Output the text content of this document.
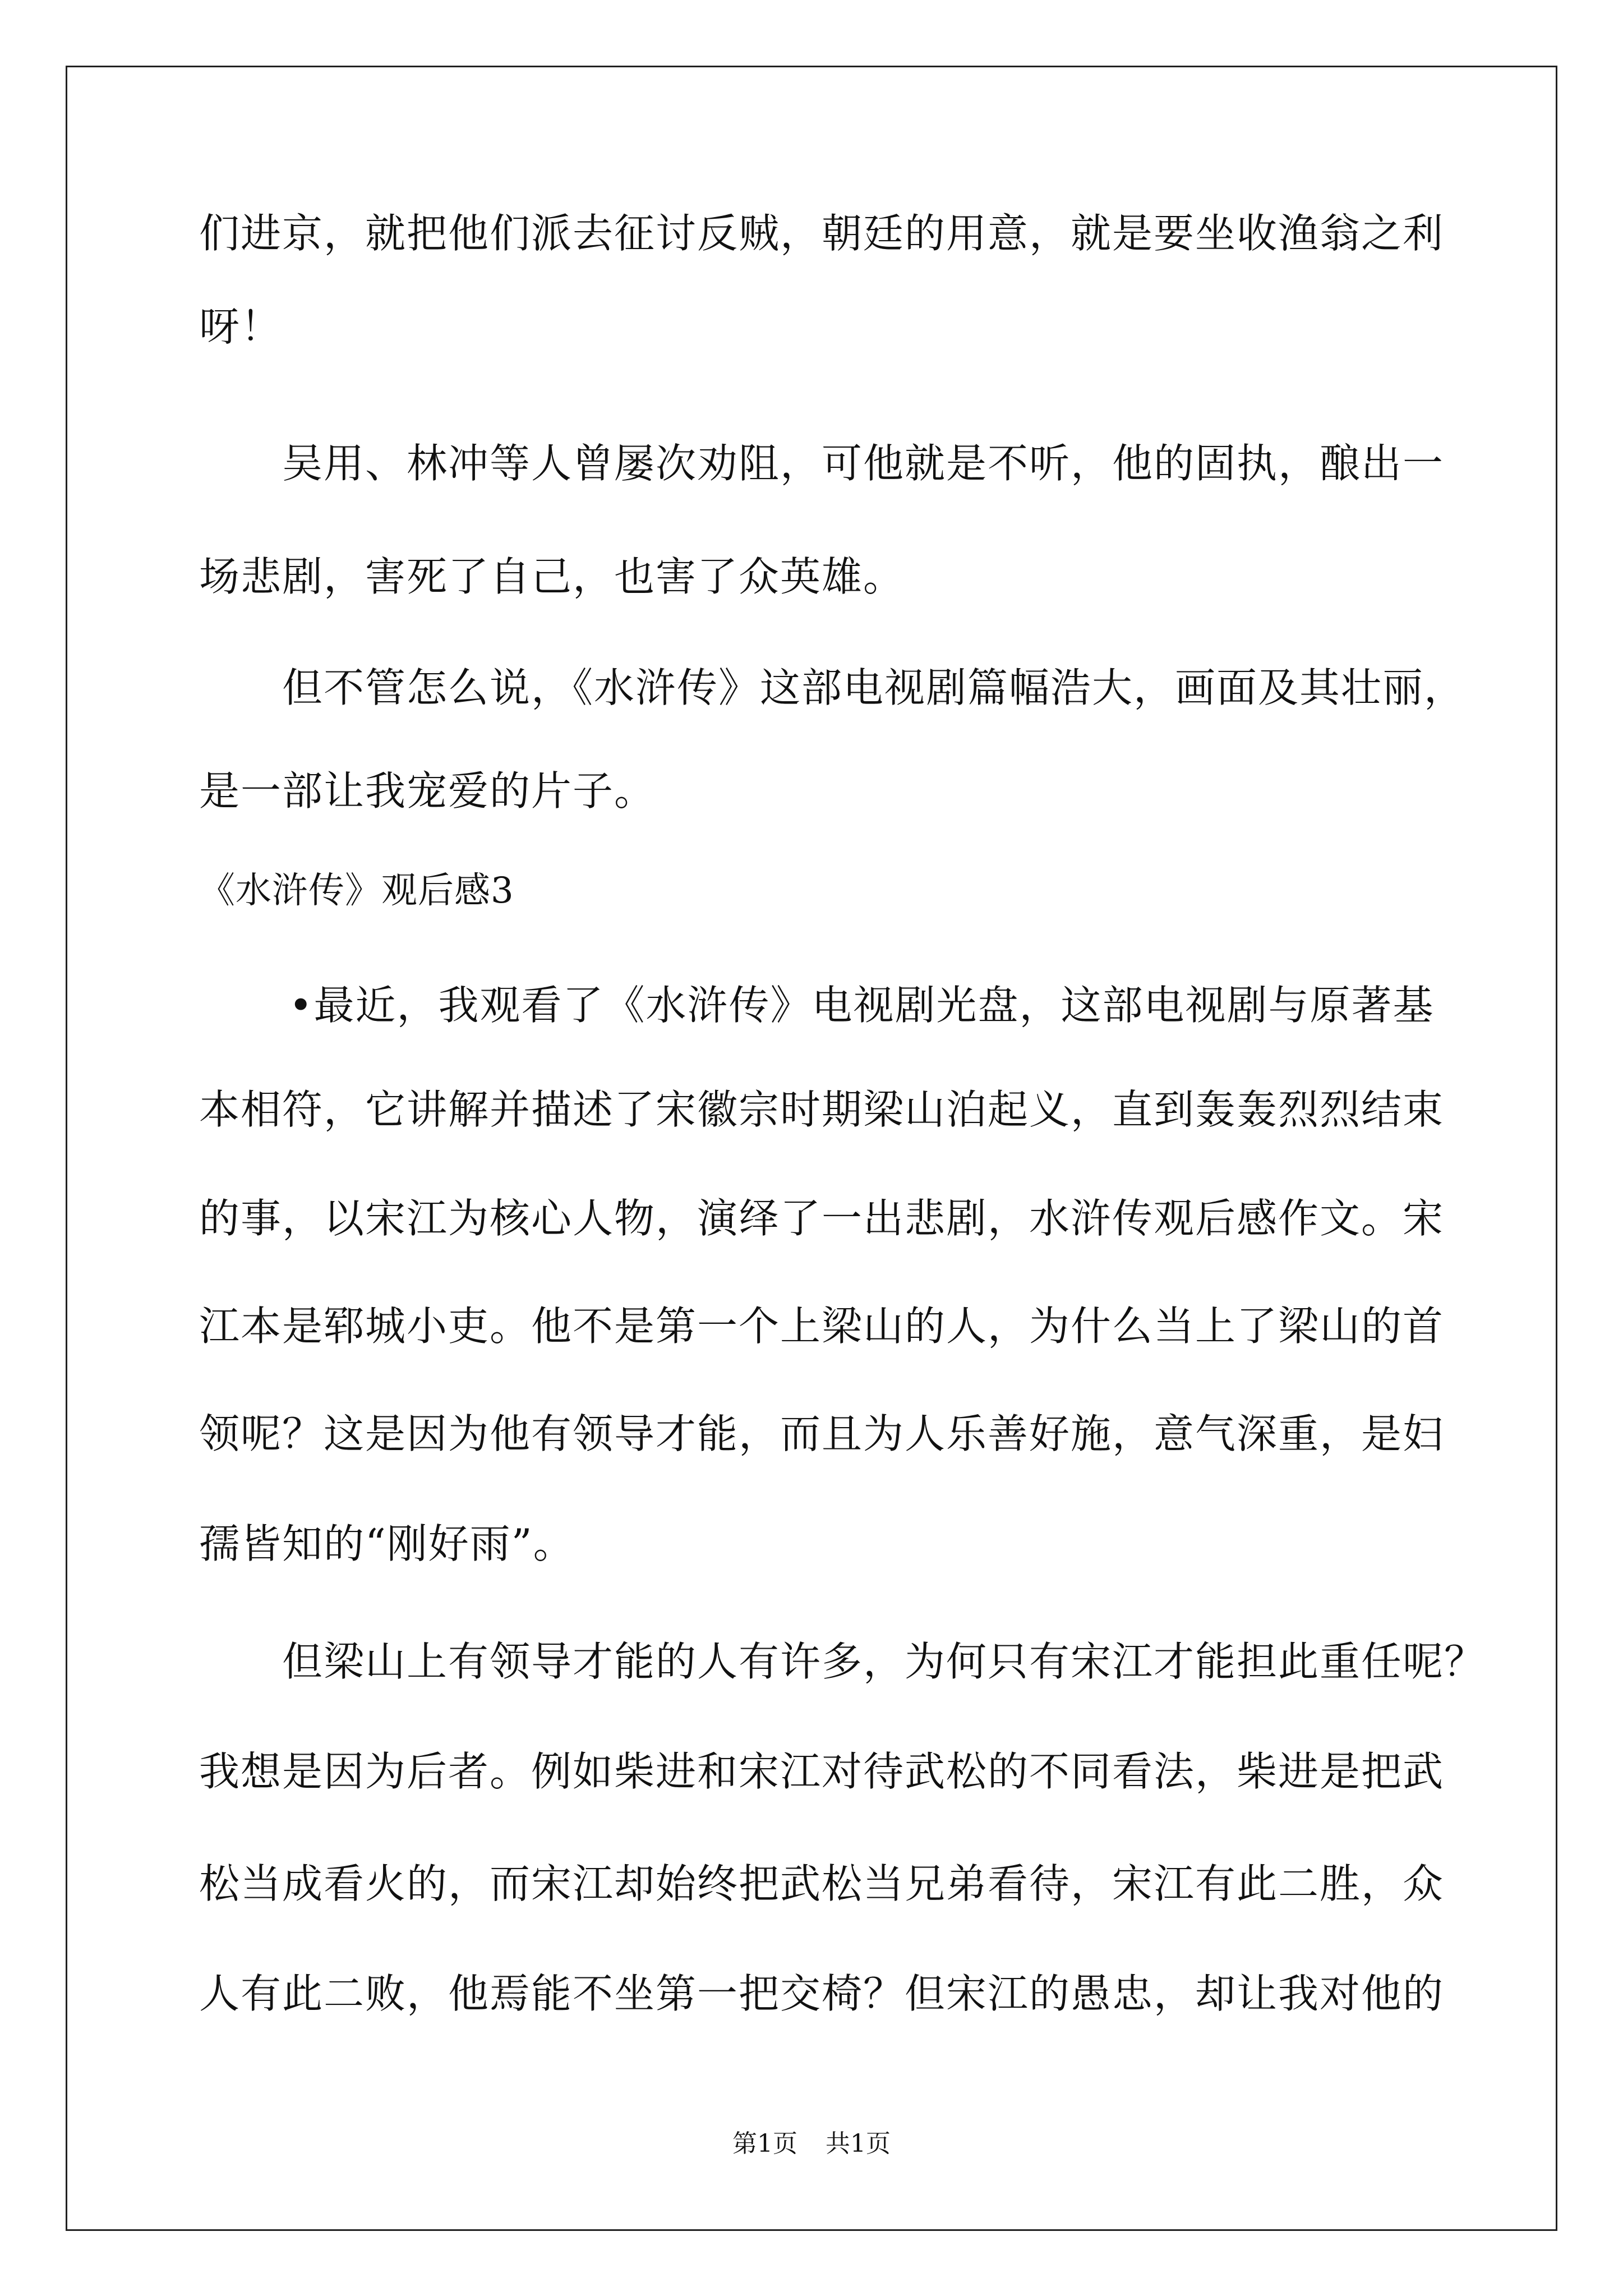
们进京，就把他们派去征讨反贼，朝廷的用意，就是要坐收渔翁之利
呀！
吴用、林冲等人曾屡次劝阻，可他就是不听，他的固执，酿出一
场悲剧，害死了自己，也害了众英雄。
但不管怎么说，《水浒传》这部电视剧篇幅浩大，画面及其壮丽，
是一部让我宠爱的片子。
《水浒传》观后感3
•最近，我观看了《水浒传》电视剧光盘，这部电视剧与原著基
本相符，它讲解并描述了宋徽宗时期梁山泊起义，直到轰轰烈烈结束
的事，以宋江为核心人物，演绎了一出悲剧，水浒传观后感作文。宋
江本是郓城小吏。他不是第一个上梁山的人，为什么当上了梁山的首
领呢？这是因为他有领导才能，而且为人乐善好施，意气深重，是妇
孺皆知的“刚好雨”。
但梁山上有领导才能的人有许多，为何只有宋江才能担此重任呢？
我想是因为后者。例如柴进和宋江对待武松的不同看法，柴进是把武
松当成看火的，而宋江却始终把武松当兄弟看待，宋江有此二胜，众
人有此二败，他焉能不坐第一把交椅？但宋江的愚忠，却让我对他的
第1页 共1页
